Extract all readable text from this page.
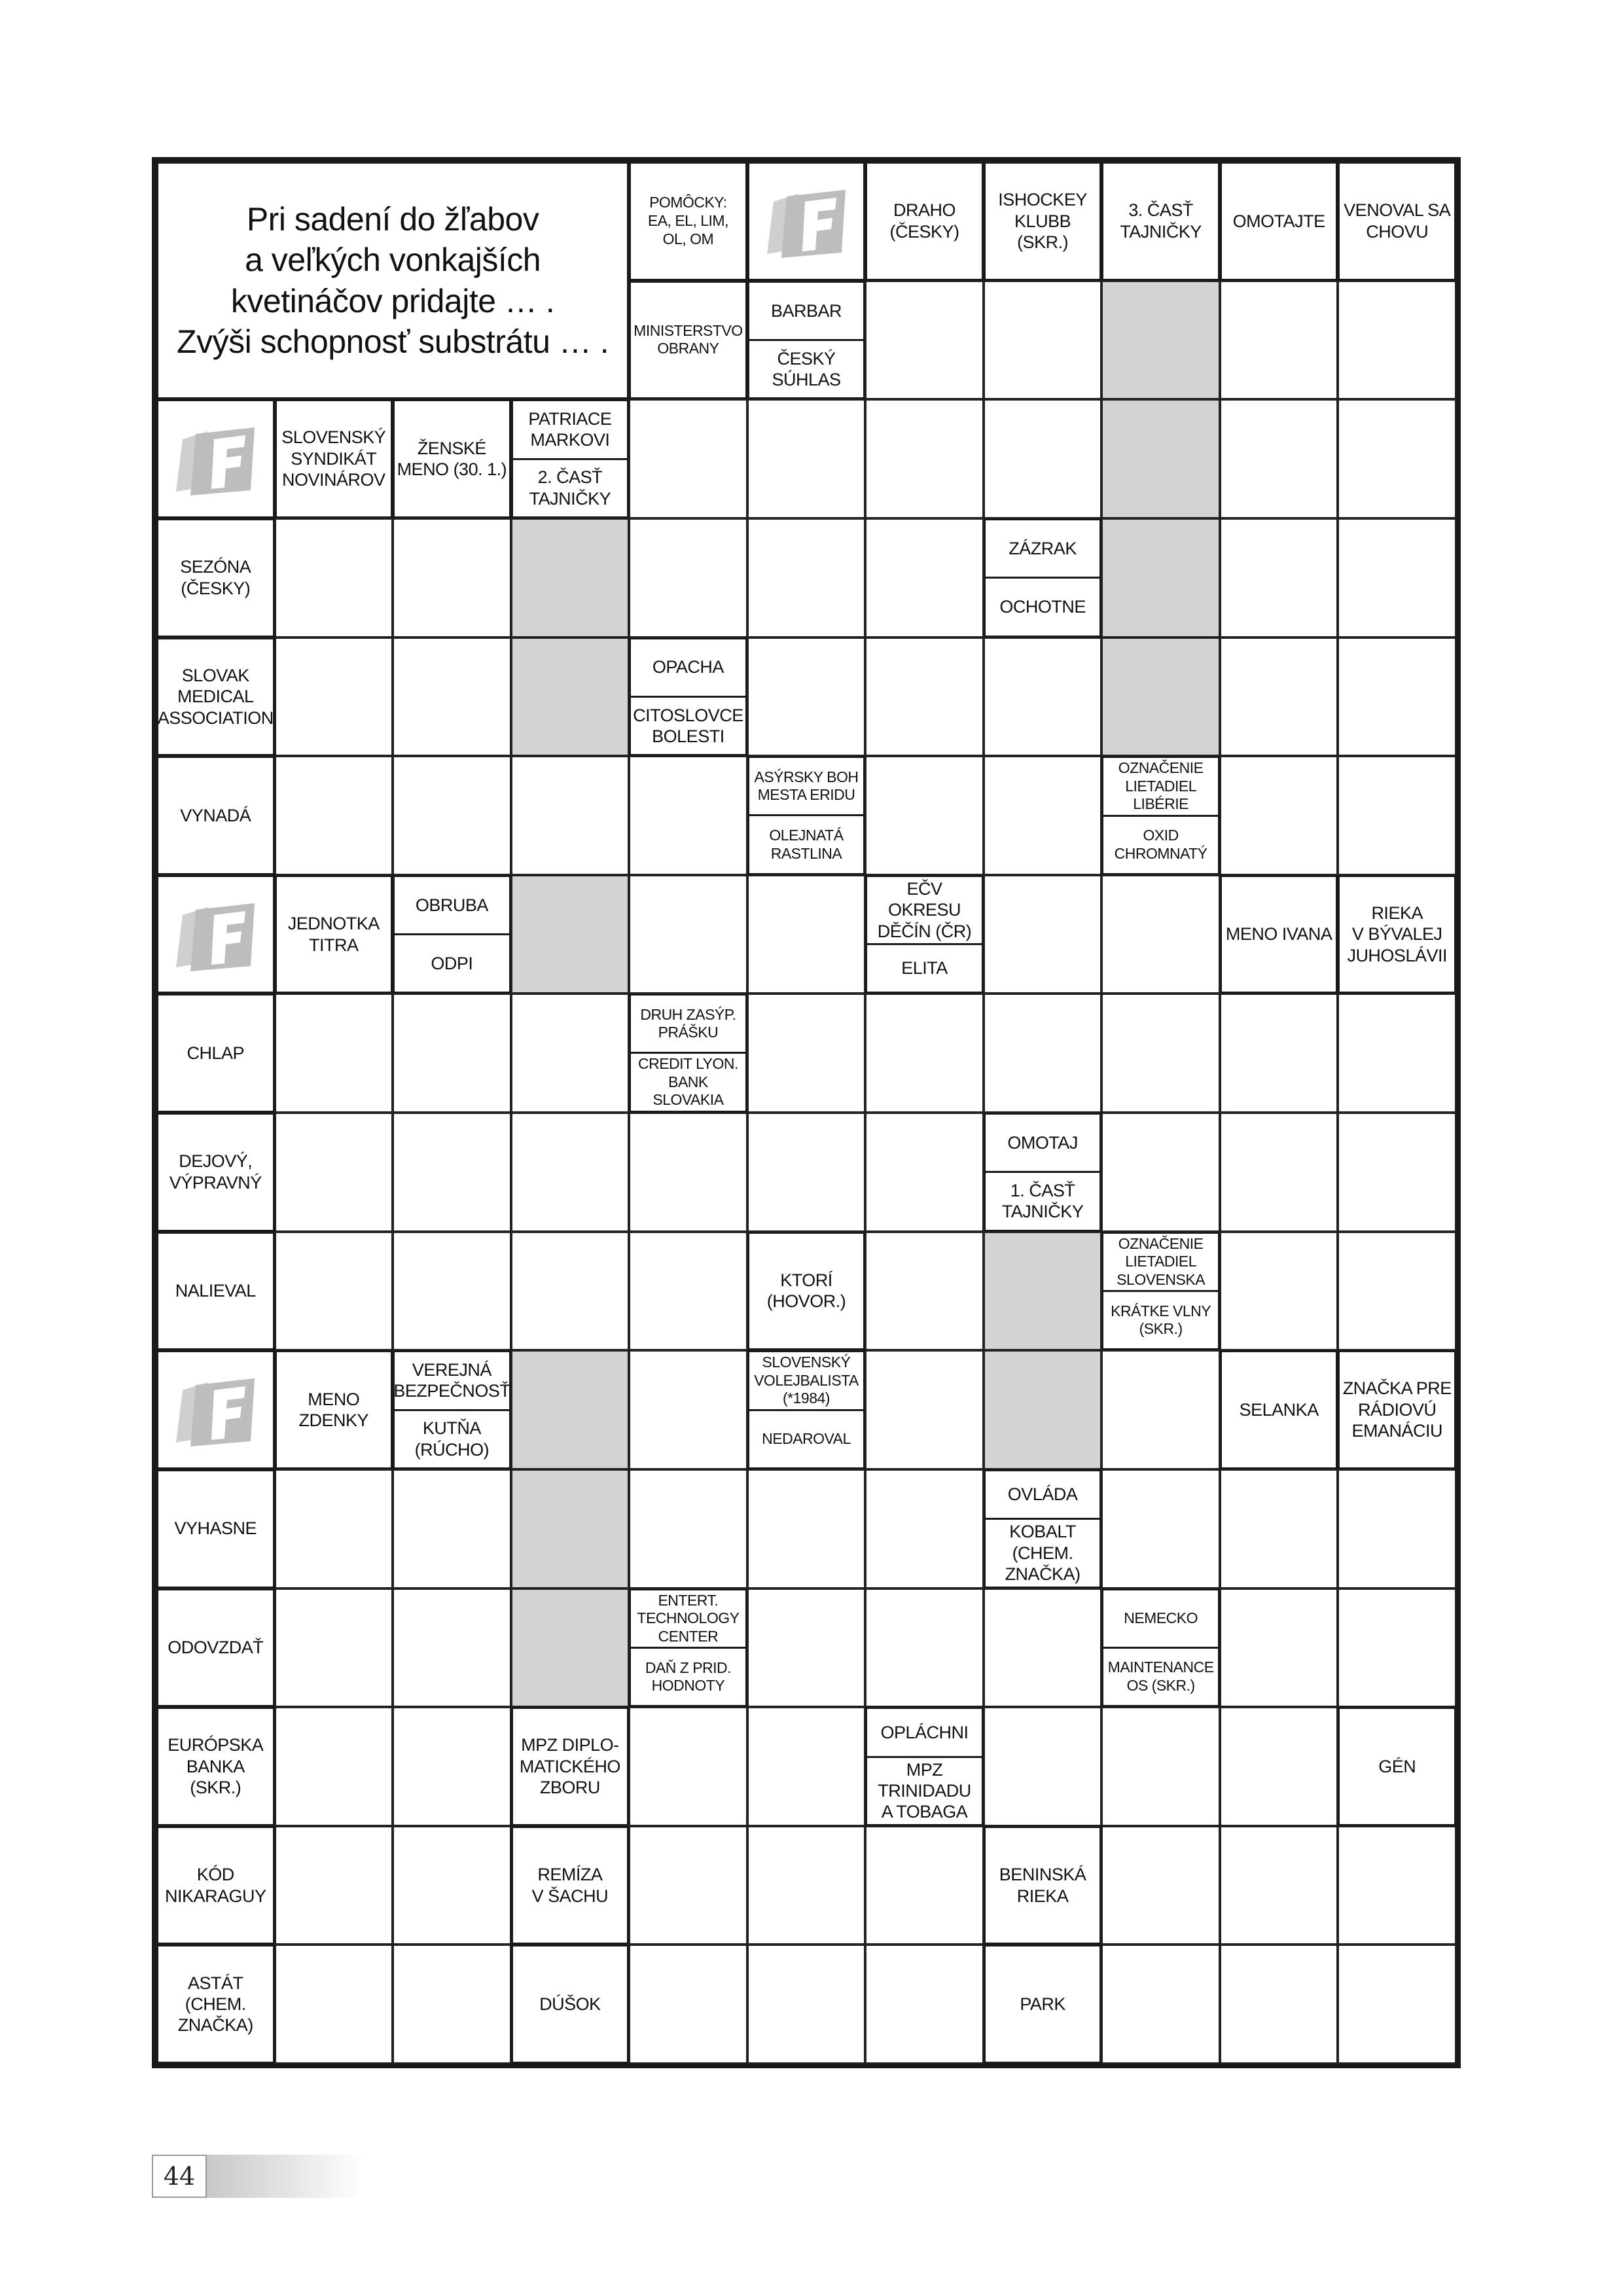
Pri sadení do žľabov
a veľkých vonkajších
kvetináčov pridajte … .
Zvýši schopnosť substrátu … .
POMÔCKY:
EA, EL, LIM,
OL, OM
DRAHO
(ČESKY)
ISHOCKEY
KLUBB (SKR.)
3. ČASŤ
TAJNIČKY
OMOTAJTE
VENOVAL SA
CHOVU
MINISTERSTVO
OBRANY
BARBAR
ČESKÝ
SÚHLAS
SLOVENSKÝ
SYNDIKÁT
NOVINÁROV
ŽENSKÉ
MENO (30. 1.)
PATRIACE
MARKOVI
2. ČASŤ
TAJNIČKY
SEZÓNA
(ČESKY)
ZÁZRAK
OCHOTNE
SLOVAK
MEDICAL
ASSOCIATION
OPACHA
CITOSLOVCE
BOLESTI
VYNADÁ
ASÝRSKY BOH
MESTA ERIDU
OLEJNATÁ
RASTLINA
OZNAČENIE
LIETADIEL
LIBÉRIE
OXID
CHROMNATÝ
JEDNOTKA
TITRA
OBRUBA
ODPI
EČV OKRESU
DĚČÍN (ČR)
ELITA
MENO IVANA
RIEKA
V BÝVALEJ
JUHOSLÁVII
CHLAP
DRUH ZASÝP.
PRÁŠKU
CREDIT LYON.
BANK
SLOVAKIA
DEJOVÝ,
VÝPRAVNÝ
OMOTAJ
1. ČASŤ
TAJNIČKY
NALIEVAL
KTORÍ
(HOVOR.)
OZNAČENIE
LIETADIEL
SLOVENSKA
KRÁTKE VLNY
(SKR.)
MENO
ZDENKY
VEREJNÁ
BEZPEČNOSŤ
KUTŇA
(RÚCHO)
SLOVENSKÝ
VOLEJBALISTA
(*1984)
NEDAROVAL
SELANKA
ZNAČKA PRE
RÁDIOVÚ
EMANÁCIU
VYHASNE
OVLÁDA
KOBALT
(CHEM.
ZNAČKA)
ODOVZDAŤ
ENTERT.
TECHNOLOGY
CENTER
DAŇ Z PRID.
HODNOTY
NEMECKO
MAINTENANCE
OS (SKR.)
EURÓPSKA
BANKA
(SKR.)
MPZ DIPLO-
MATICKÉHO
ZBORU
OPLÁCHNI
MPZ
TRINIDADU
A TOBAGA
GÉN
KÓD
NIKARAGUY
REMÍZA
V ŠACHU
BENINSKÁ
RIEKA
ASTÁT
(CHEM.
ZNAČKA)
DÚŠOK	PARK
44
